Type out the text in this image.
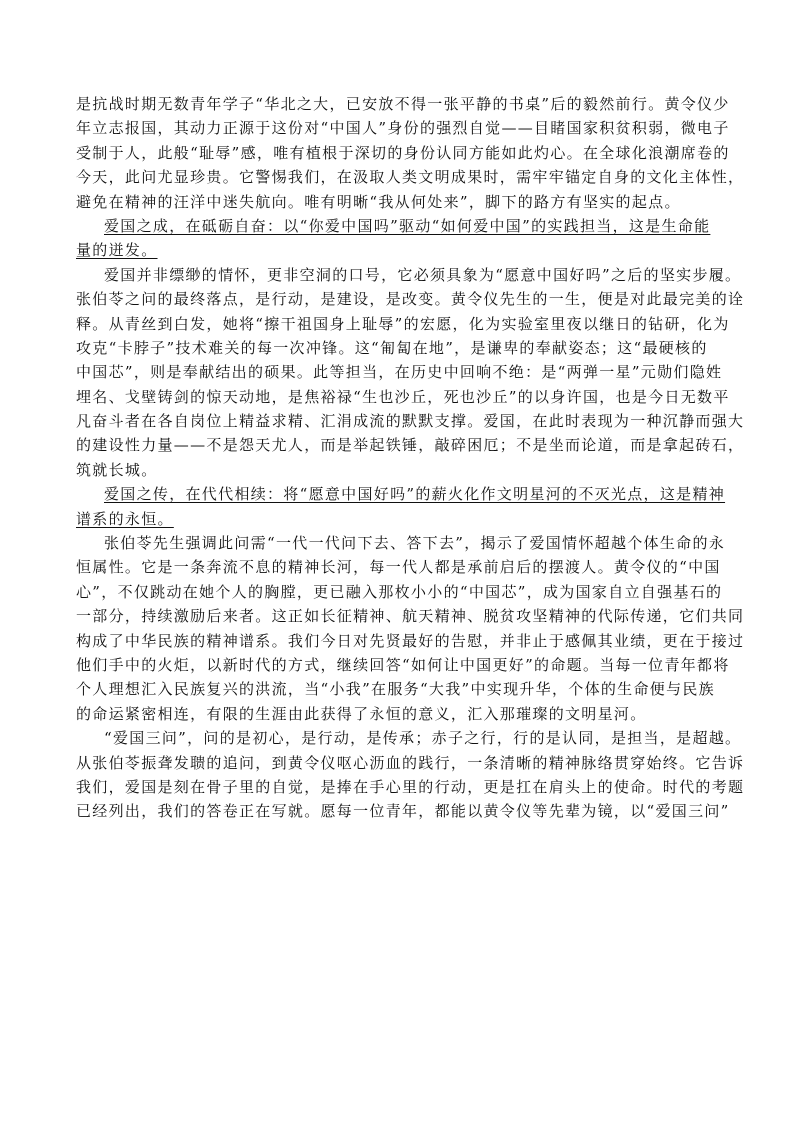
是抗战时期无数青年学子“华北之大，已安放不得一张平静的书桌”后的毅然前行。黄令仪少
年立志报国，其动力正源于这份对“中国人”身份的强烈自觉——目睹国家积贫积弱，微电子
受制于人，此般“耻辱”感，唯有植根于深切的身份认同方能如此灼心。在全球化浪潮席卷的
今天，此问尤显珍贵。它警惕我们，在汲取人类文明成果时，需牢牢锚定自身的文化主体性，
避免在精神的汪洋中迷失航向。唯有明晰“我从何处来”，脚下的路方有坚实的起点。
爱国之成，在砥砺自奋：以“你爱中国吗”驱动“如何爱中国”的实践担当，这是生命能
量的迸发。
爱国并非缥缈的情怀，更非空洞的口号，它必须具象为“愿意中国好吗”之后的坚实步履。
张伯苓之问的最终落点，是行动，是建设，是改变。黄令仪先生的一生，便是对此最完美的诠
释。从青丝到白发，她将“擦干祖国身上耻辱”的宏愿，化为实验室里夜以继日的钻研，化为
攻克“卡脖子”技术难关的每一次冲锋。这“匍匐在地”，是谦卑的奉献姿态；这“最硬核的
中国芯”，则是奉献结出的硕果。此等担当，在历史中回响不绝：是“两弹一星”元勋们隐姓
埋名、戈壁铸剑的惊天动地，是焦裕禄“生也沙丘，死也沙丘”的以身许国，也是今日无数平
凡奋斗者在各自岗位上精益求精、汇涓成流的默默支撑。爱国，在此时表现为一种沉静而强大
的建设性力量——不是怨天尤人，而是举起铁锤，敲碎困厄；不是坐而论道，而是拿起砖石，
筑就长城。
爱国之传，在代代相续：将“愿意中国好吗”的薪火化作文明星河的不灭光点，这是精神
谱系的永恒。
张伯苓先生强调此问需“一代一代问下去、答下去”，揭示了爱国情怀超越个体生命的永
恒属性。它是一条奔流不息的精神长河，每一代人都是承前启后的摆渡人。黄令仪的“中国
心”，不仅跳动在她个人的胸膛，更已融入那枚小小的“中国芯”，成为国家自立自强基石的
一部分，持续激励后来者。这正如长征精神、航天精神、脱贫攻坚精神的代际传递，它们共同
构成了中华民族的精神谱系。我们今日对先贤最好的告慰，并非止于感佩其业绩，更在于接过
他们手中的火炬，以新时代的方式，继续回答“如何让中国更好”的命题。当每一位青年都将
个人理想汇入民族复兴的洪流，当“小我”在服务“大我”中实现升华，个体的生命便与民族
的命运紧密相连，有限的生涯由此获得了永恒的意义，汇入那璀璨的文明星河。
“爱国三问”，问的是初心，是行动，是传承；赤子之行，行的是认同，是担当，是超越。
从张伯苓振聋发聩的追问，到黄令仪呕心沥血的践行，一条清晰的精神脉络贯穿始终。它告诉
我们，爱国是刻在骨子里的自觉，是捧在手心里的行动，更是扛在肩头上的使命。时代的考题
已经列出，我们的答卷正在写就。愿每一位青年，都能以黄令仪等先辈为镜，以“爱国三问”
